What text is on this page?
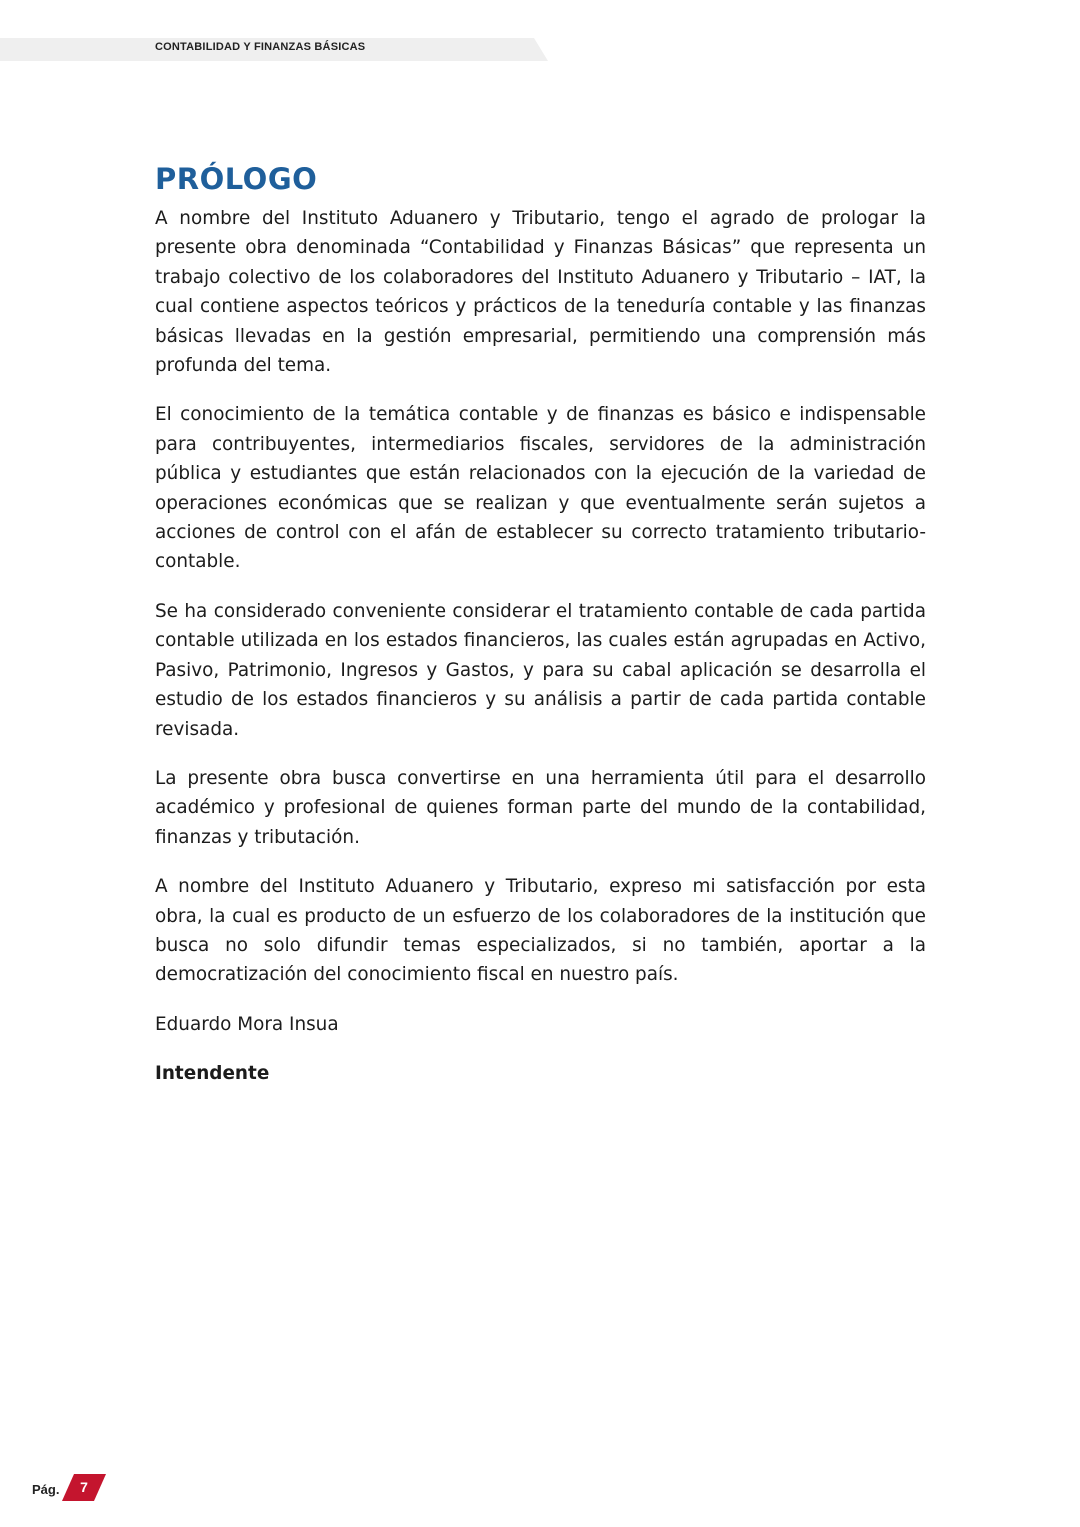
CONTABILIDAD Y FINANZAS BÁSICAS
PRÓLOGO

A nombre del Instituto Aduanero y Tributario, tengo el agrado de prologar la presente obra denominada “Contabilidad y Finanzas Básicas” que representa un trabajo colectivo de los colaboradores del Instituto Aduanero y Tributario – IAT, la cual contiene aspectos teóricos y prácticos de la teneduría contable y las finanzas básicas llevadas en la gestión empresarial, permitiendo una comprensión más profunda del tema.

El conocimiento de la temática contable y de finanzas es básico e indispensable para contribuyentes, intermediarios fiscales, servidores de la administración pública y estudiantes que están relacionados con la ejecución de la variedad de operaciones económicas que se realizan y que eventualmente serán sujetos a acciones de control con el afán de establecer su correcto tratamiento tributario-contable.

Se ha considerado conveniente considerar el tratamiento contable de cada partida contable utilizada en los estados financieros, las cuales están agrupadas en Activo, Pasivo, Patrimonio, Ingresos y Gastos, y para su cabal aplicación se desarrolla el estudio de los estados financieros y su análisis a partir de cada partida contable revisada.

La presente obra busca convertirse en una herramienta útil para el desarrollo académico y profesional de quienes forman parte del mundo de la contabilidad, finanzas y tributación.

A nombre del Instituto Aduanero y Tributario, expreso mi satisfacción por esta obra, la cual es producto de un esfuerzo de los colaboradores de la institución que busca no solo difundir temas especializados, si no también, aportar a la democratización del conocimiento fiscal en nuestro país.

Eduardo Mora Insua

Intendente

Pág.	7
